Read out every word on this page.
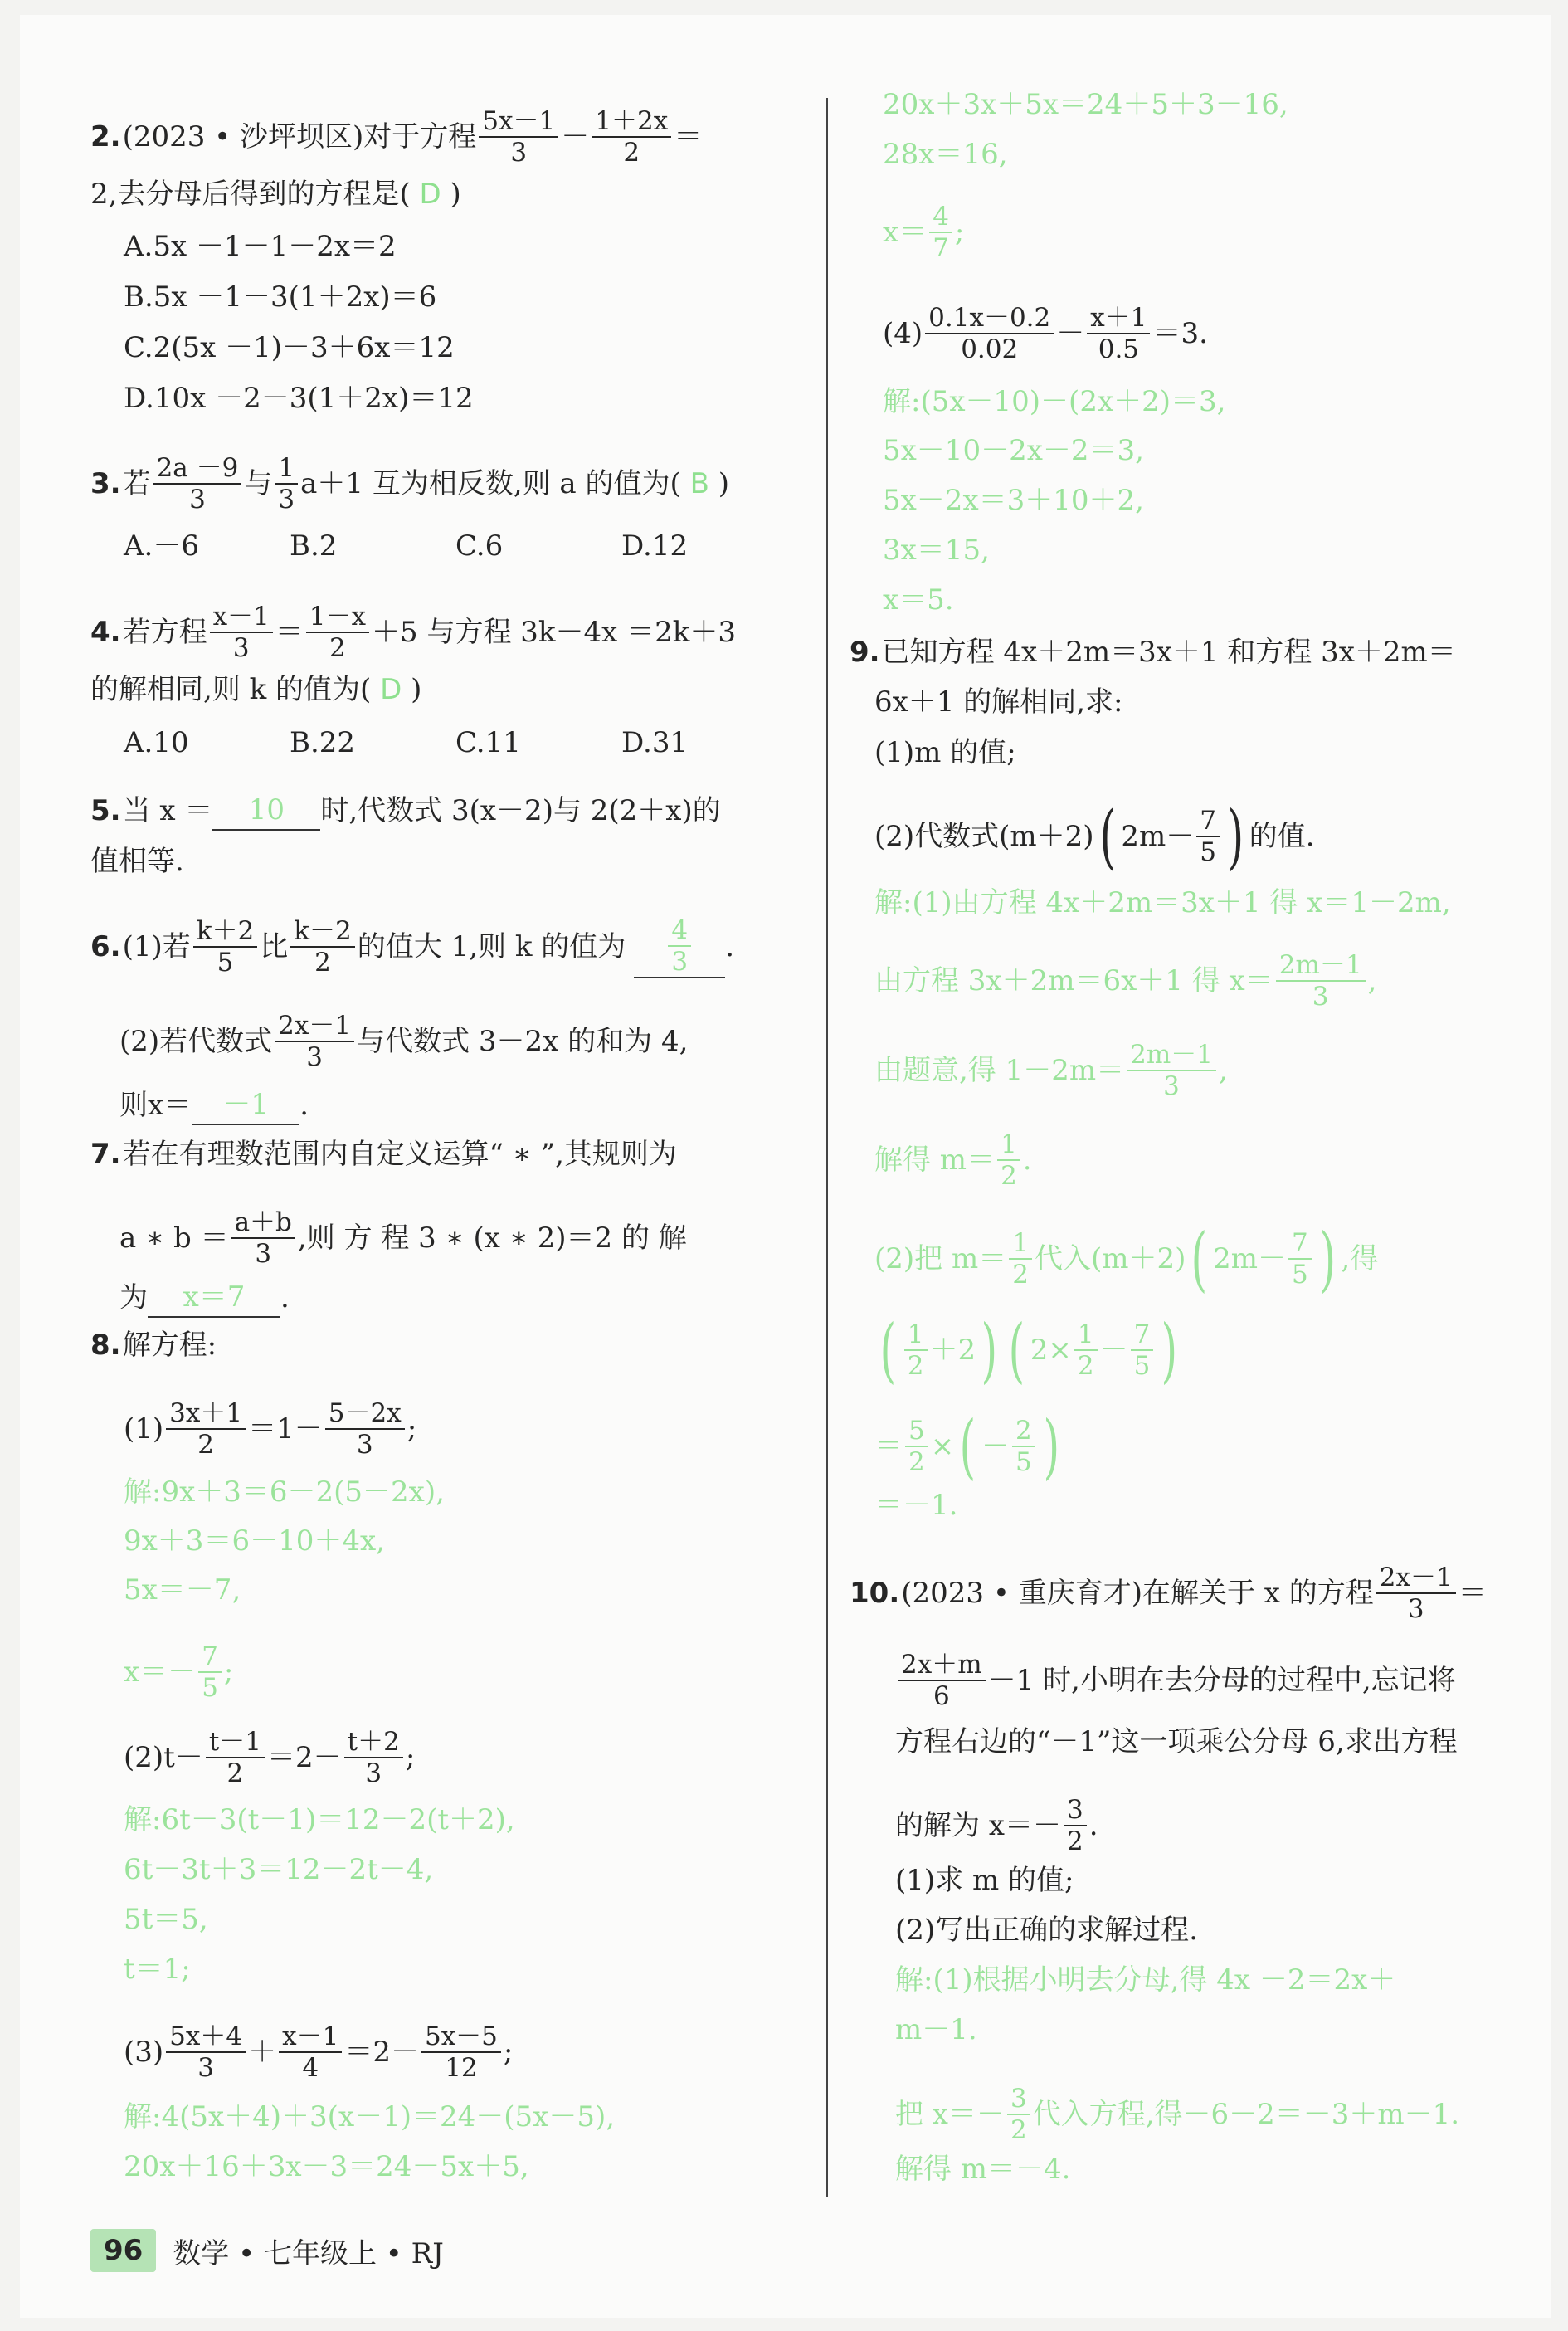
2. (2023 • 沙坪坝区)对于方程 5x－1
3 － 1＋2x
2 ＝
2,去分母后得到的方程是(
D
)
A.5x －1－1－2x＝2
B.5x －1－3(1＋2x)＝6
C.2(5x －1)－3＋6x＝12
D.10x －2－3(1＋2x)＝12
3. 若 2a －9
3 与 1
3 a＋1 互为相反数,则 a 的值为(
B
)
A.－6	B.2	C.6	D.12
4. 若方程 x－1
3 ＝ 1－x
2 ＋5 与方程 3k－4x ＝2k＋3
的解相同,则 k 的值为(
D
)
A.10	B.22	C.11	D.31
5. 当 x ＝	10	时,代数式 3(x－2)与 2(2＋x)的
值相等.
6. (1)若 k＋2
5 比 k－2
2 的值大 1,则 k 的值为 $\frac{4}{3}$ .
(2)若代数式 2x－1
3 与代数式 3－2x 的和为 4,
则x＝	－1	.
7. 若在有理数范围内自定义运算“ ∗ ”,其规则为
a ∗ b ＝ a＋b
3 ,则 方 程 3 ∗ (x ∗ 2)＝2 的 解
为	x＝7	.
8. 解方程:
(1) 3x＋1
2 ＝1－ 5－2x
3 ;
解:9x＋3＝6－2(5－2x),
9x＋3＝6－10＋4x,
5x＝－7,
x＝－ 7
5 ;
(2)t－ t－1
2 ＝2－ t＋2
3 ;
解:6t－3(t－1)＝12－2(t＋2),
6t－3t＋3＝12－2t－4,
5t＝5,
t＝1;
(3) 5x＋4
3 ＋ x－1
4 ＝2－ 5x－5
12 ;
解:4(5x＋4)＋3(x－1)＝24－(5x－5),
20x＋16＋3x－3＝24－5x＋5,
20x＋3x＋5x＝24＋5＋3－16,
28x＝16,
x＝ 4
7 ;
(4) 0.1x－0.2
0.02 － x＋1
0.5 ＝3.
解:(5x－10)－(2x＋2)＝3,
5x－10－2x－2＝3,
5x－2x＝3＋10＋2,
3x＝15,
x＝5.
9. 已知方程 4x＋2m＝3x＋1 和方程 3x＋2m＝
6x＋1 的解相同,求:
(1)m 的值;
(2)代数式(m＋2) ( 2m－ 7
5 ) 的值.
解:(1)由方程 4x＋2m＝3x＋1 得 x＝1－2m,
由方程 3x＋2m＝6x＋1 得 x＝ 2m－1
3 ,
由题意,得 1－2m＝ 2m－1
3 ,
解得 m＝ 1
2 .
(2)把 m＝ 1
2 代入(m＋2) ( 2m－ 7
5 ) ,得
( 1
2 ＋2 ) ( $2\times \frac{1}{2} - 7$
5 )
＝ $\frac{5}{2}$ × ( － 2
5 )
＝－1.
10. (2023 • 重庆育才)在解关于 x 的方程 2x－1
3 ＝
2x＋m
6 －1 时,小明在去分母的过程中,忘记将
方程右边的“－1”这一项乘公分母 6,求出方程
的解为 x＝－ 3
2 .
(1)求 m 的值;
(2)写出正确的求解过程.
解:(1)根据小明去分母,得 4x －2＝2x＋
m－1.
把 x＝－ 3
2 代入方程,得－6－2＝－3＋m－1.
解得 m＝－4.
96	数学 • 七年级上 • RJ
